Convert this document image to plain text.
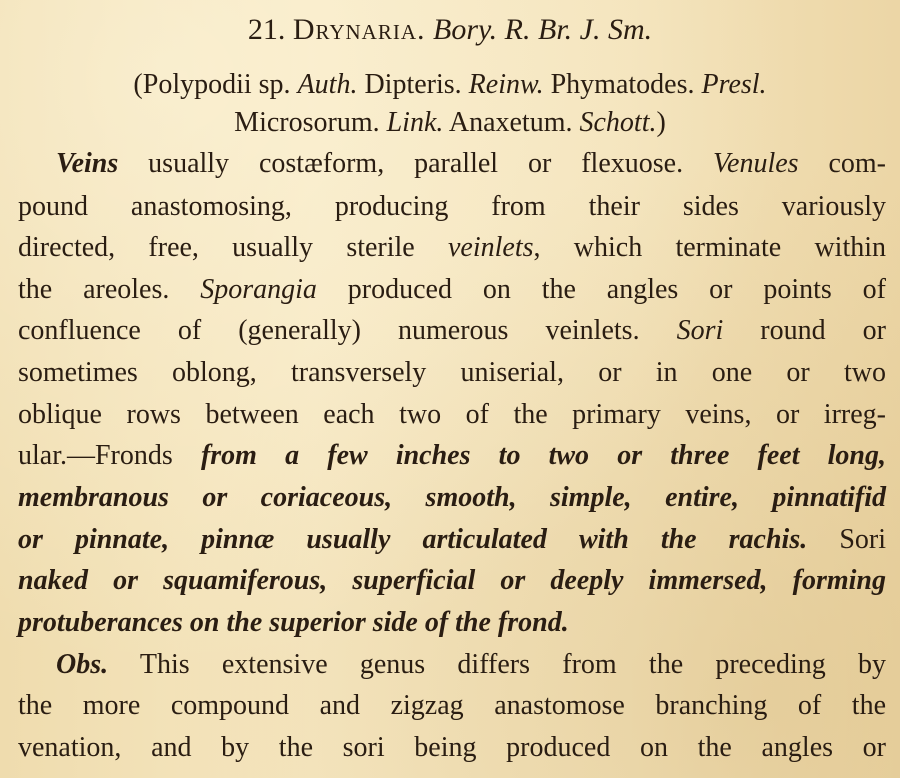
21. Drynaria. Bory. R. Br. J. Sm.
(Polypodii sp. Auth. Dipteris. Reinw. Phymatodes. Presl.
Microsorum. Link. Anaxetum. Schott.)
Veins usually costæform, parallel or flexuose. Venules com-
pound anastomosing, producing from their sides variously
directed, free, usually sterile veinlets, which terminate within
the areoles. Sporangia produced on the angles or points of
confluence of (generally) numerous veinlets. Sori round or
sometimes oblong, transversely uniserial, or in one or two
oblique rows between each two of the primary veins, or irreg-
ular.—Fronds from a few inches to two or three feet long,
membranous or coriaceous, smooth, simple, entire, pinnatifid
or pinnate, pinnæ usually articulated with the rachis. Sori
naked or squamiferous, superficial or deeply immersed, forming
protuberances on the superior side of the frond.
Obs. This extensive genus differs from the preceding by
the more compound and zigzag anastomose branching of the
venation, and by the sori being produced on the angles or
